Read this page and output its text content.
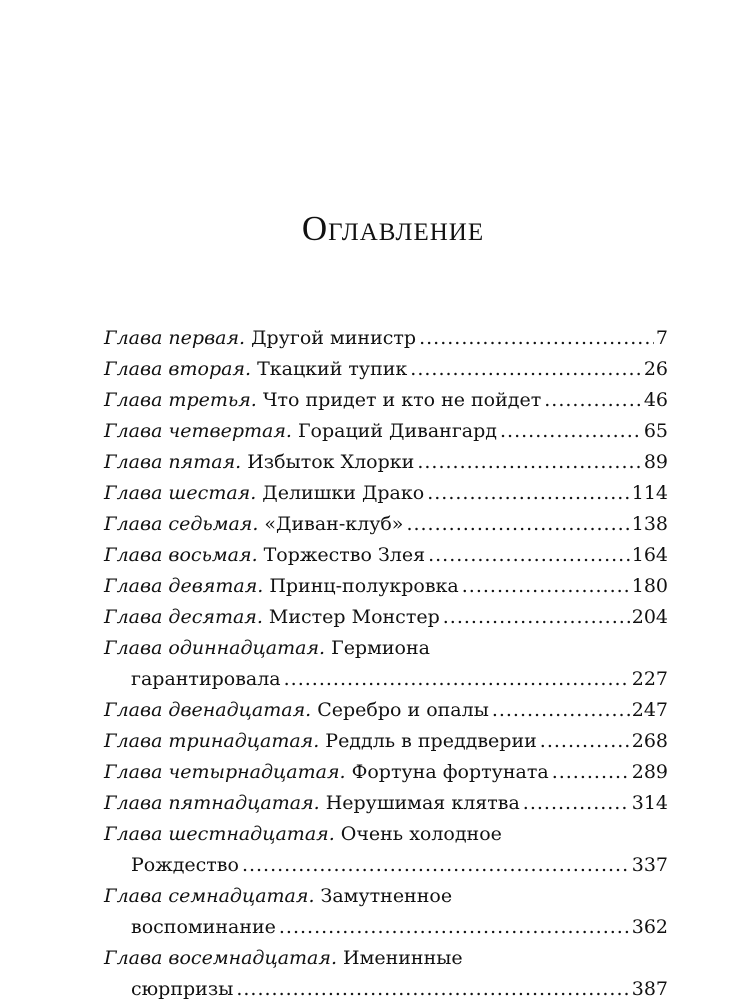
Оглавление
Глава первая. Другой министр .....	7
Глава вторая. Ткацкий тупик .....	26
Глава третья. Что придет и кто не пойдет .....	46
Глава четвертая. Гораций Дивангард .....	65
Глава пятая. Избыток Хлорки .....	89
Глава шестая. Делишки Драко .....	114
Глава седьмая. «Диван-клуб» .....	138
Глава восьмая. Торжество Злея .....	164
Глава девятая. Принц-полукровка .....	180
Глава десятая. Мистер Монстер .....	204
Глава одиннадцатая. Гермиона
гарантировала .....	227
Глава двенадцатая. Серебро и опалы .....	247
Глава тринадцатая. Реддль в преддверии .....	268
Глава четырнадцатая. Фортуна фортуната .....	289
Глава пятнадцатая. Нерушимая клятва .....	314
Глава шестнадцатая. Очень холодное
Рождество .....	337
Глава семнадцатая. Замутненное
воспоминание .....	362
Глава восемнадцатая. Именинные
сюрпризы .....	387
